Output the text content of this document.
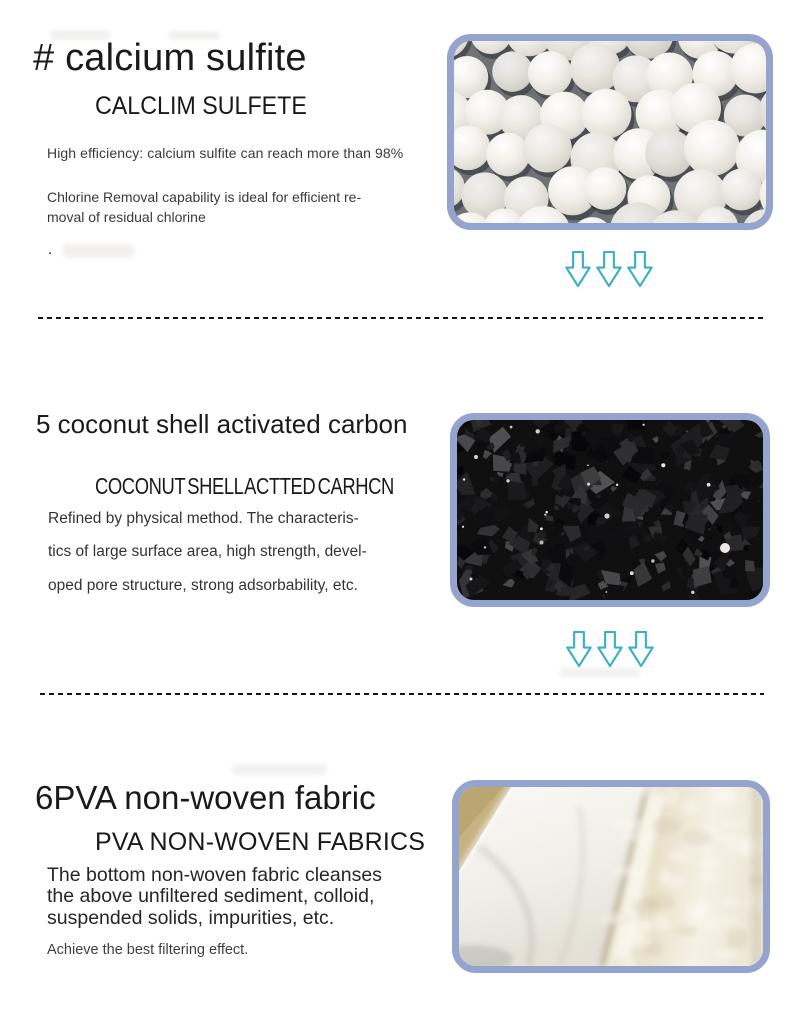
# calcium sulfite
CALCLIM SULFETE
High efficiency: calcium sulfite can reach more than 98%
Chlorine Removal capability is ideal for efficient re-
moval of residual chlorine
.
5 coconut shell activated carbon
COCONUT SHELL ACTTED CARHCN
Refined by physical method. The characteris-
tics of large surface area, high strength, devel-
oped pore structure, strong adsorbability, etc.
6PVA non-woven fabric
PVA NON-WOVEN FABRICS
The bottom non-woven fabric cleanses
the above unfiltered sediment, colloid,
suspended solids, impurities, etc.
Achieve the best filtering effect.
